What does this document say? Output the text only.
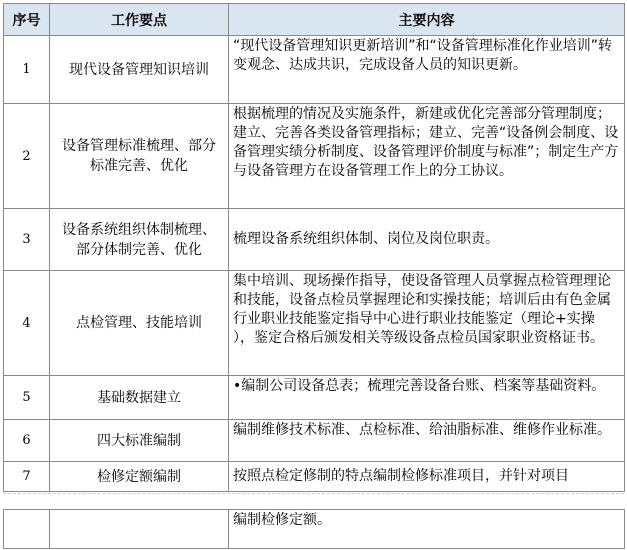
序号	工作要点	主要内容
1	现代设备管理知识培训	“现代设备管理知识更新培训”和“设备管理标准化作业培训”转变观念、达成共识，完成设备人员的知识更新。
2	设备管理标准梳理、部分标准完善、优化	根据梳理的情况及实施条件，新建或优化完善部分管理制度；建立、完善各类设备管理指标；建立、完善“设备例会制度、设备管理实绩分析制度、设备管理评价制度与标准”；制定生产方与设备管理方在设备管理工作上的分工协议。
3	设备系统组织体制梳理、部分体制完善、优化	梳理设备系统组织体制、岗位及岗位职责。
4	点检管理、技能培训	集中培训、现场操作指导，使设备管理人员掌握点检管理理论和技能，设备点检员掌握理论和实操技能；培训后由有色金属行业职业技能鉴定指导中心进行职业技能鉴定（理论+实操 ），鉴定合格后颁发相关等级设备点检员国家职业资格证书。
5	基础数据建立	•编制公司设备总表；梳理完善设备台账、档案等基础资料。
6	四大标准编制	编制维修技术标准、点检标准、给油脂标准、维修作业标准。
7	检修定额编制	按照点检定修制的特点编制检修标准项目，并针对项目
		编制检修定额。
